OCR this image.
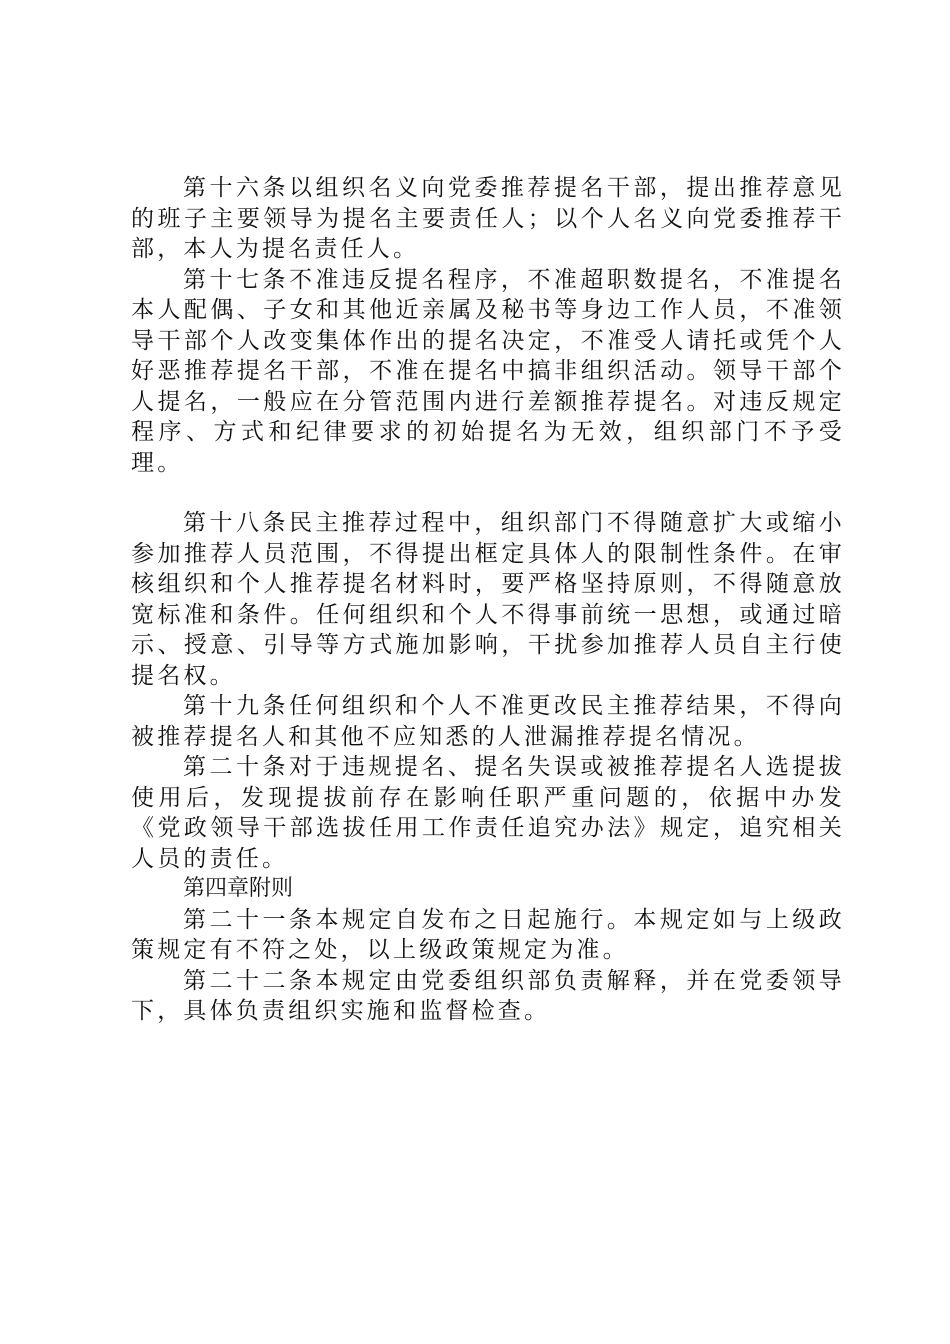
第十六条以组织名义向党委推荐提名干部，提出推荐意见的班子主要领导为提名主要责任人；以个人名义向党委推荐干部，本人为提名责任人。

第十七条不准违反提名程序，不准超职数提名，不准提名本人配偶、子女和其他近亲属及秘书等身边工作人员，不准领导干部个人改变集体作出的提名决定，不准受人请托或凭个人好恶推荐提名干部，不准在提名中搞非组织活动。领导干部个人提名，一般应在分管范围内进行差额推荐提名。对违反规定程序、方式和纪律要求的初始提名为无效，组织部门不予受理。

第十八条民主推荐过程中，组织部门不得随意扩大或缩小参加推荐人员范围，不得提出框定具体人的限制性条件。在审核组织和个人推荐提名材料时，要严格坚持原则，不得随意放宽标准和条件。任何组织和个人不得事前统一思想，或通过暗示、授意、引导等方式施加影响，干扰参加推荐人员自主行使提名权。

第十九条任何组织和个人不准更改民主推荐结果，不得向被推荐提名人和其他不应知悉的人泄漏推荐提名情况。

第二十条对于违规提名、提名失误或被推荐提名人选提拔使用后，发现提拔前存在影响任职严重问题的，依据中办发《党政领导干部选拔任用工作责任追究办法》规定，追究相关人员的责任。

第四章附则

第二十一条本规定自发布之日起施行。本规定如与上级政策规定有不符之处，以上级政策规定为准。

第二十二条本规定由党委组织部负责解释，并在党委领导下，具体负责组织实施和监督检查。
